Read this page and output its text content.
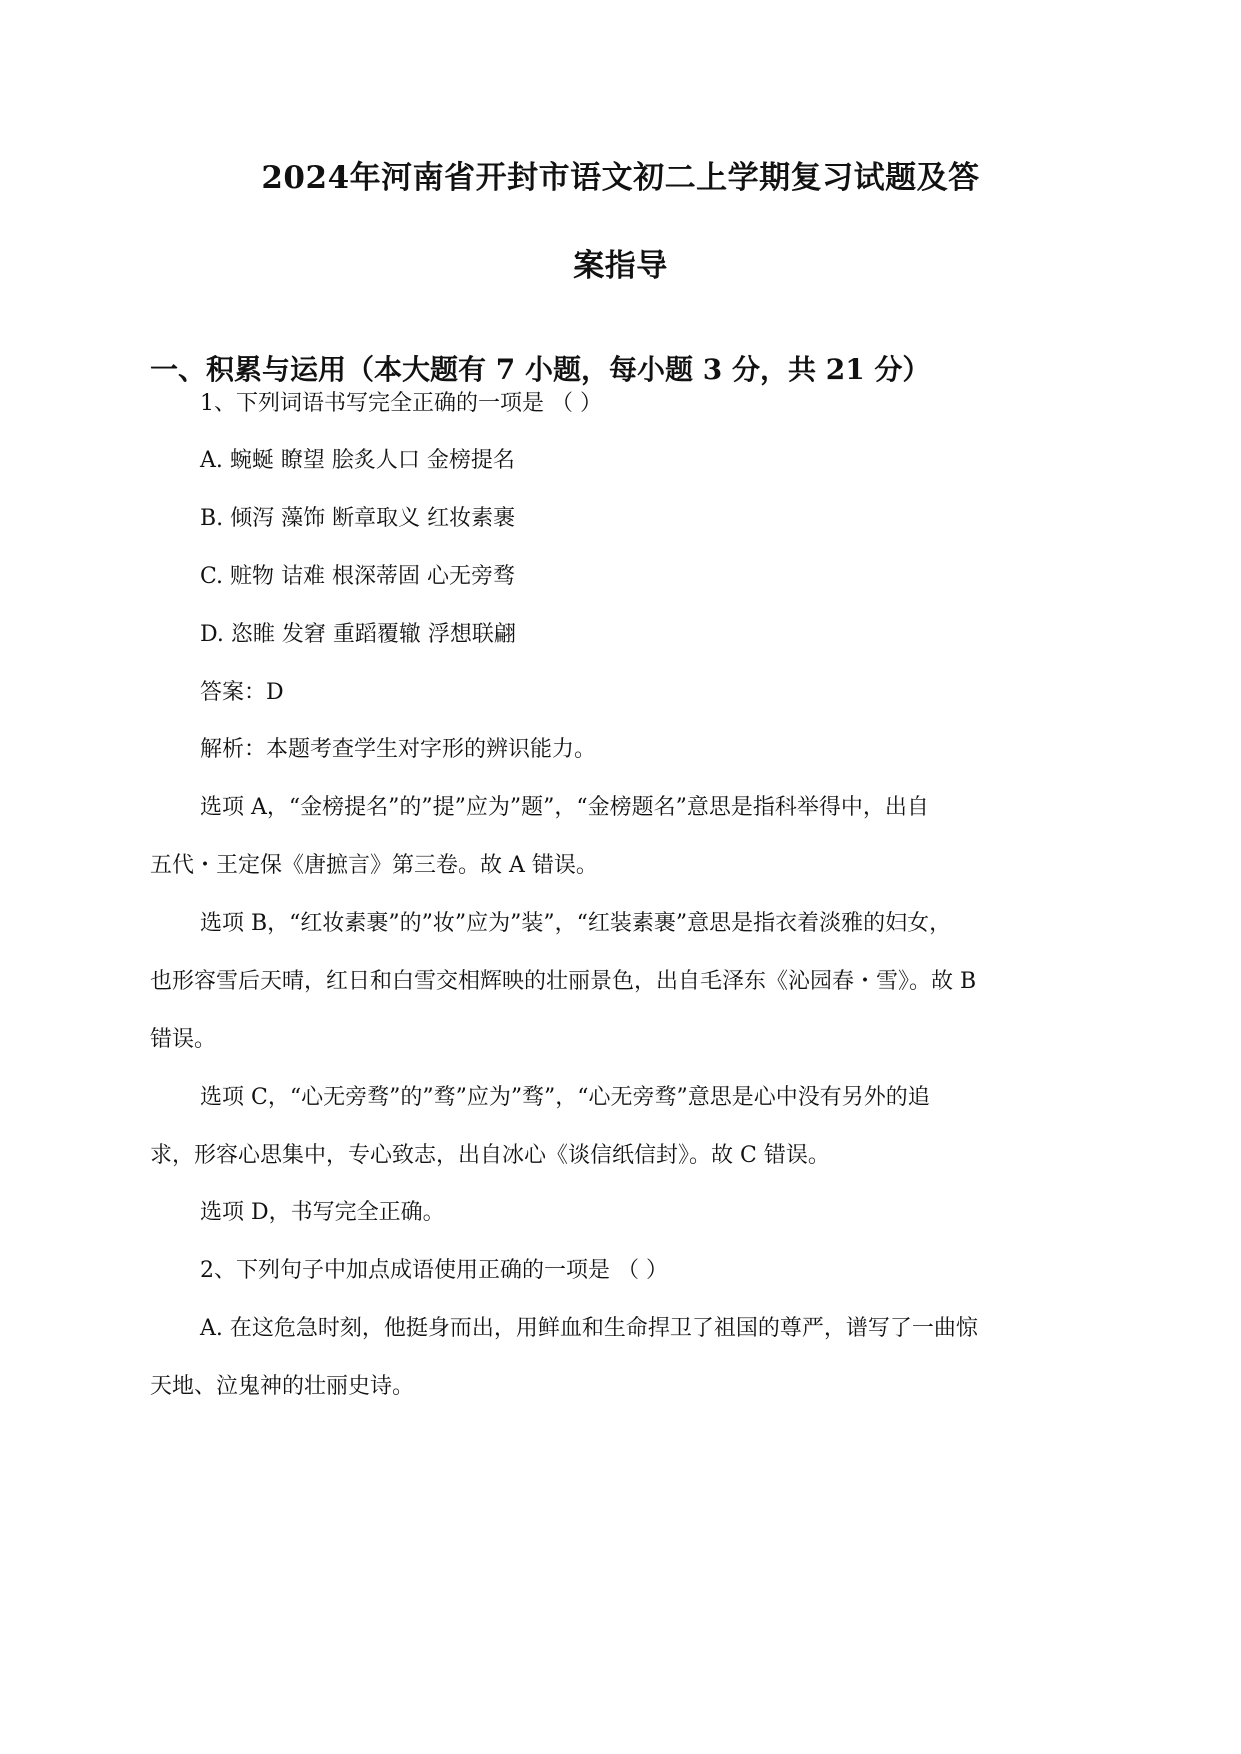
2024年河南省开封市语文初二上学期复习试题及答
案指导
一、积累与运用（本大题有 7 小题，每小题 3 分，共 21 分）
1、下列词语书写完全正确的一项是 （ ）
A. 蜿蜒 瞭望 脍炙人口 金榜提名
B. 倾泻 藻饰 断章取义 红妆素裹
C. 赃物 诘难 根深蒂固 心无旁骛
D. 恣睢 发窘 重蹈覆辙 浮想联翩
答案：D
解析：本题考查学生对字形的辨识能力。
选项 A，“金榜提名”的”提”应为”题”，“金榜题名”意思是指科举得中，出自
五代・王定保《唐摭言》第三卷。故 A 错误。
选项 B，“红妆素裹”的”妆”应为”装”，“红装素裹”意思是指衣着淡雅的妇女，
也形容雪后天晴，红日和白雪交相辉映的壮丽景色，出自毛泽东《沁园春・雪》。故 B
错误。
选项 C，“心无旁骛”的”骛”应为”骛”，“心无旁骛”意思是心中没有另外的追
求，形容心思集中，专心致志，出自冰心《谈信纸信封》。故 C 错误。
选项 D，书写完全正确。
2、下列句子中加点成语使用正确的一项是 （ ）
A. 在这危急时刻，他挺身而出，用鲜血和生命捍卫了祖国的尊严，谱写了一曲惊
天地、泣鬼神的壮丽史诗。
